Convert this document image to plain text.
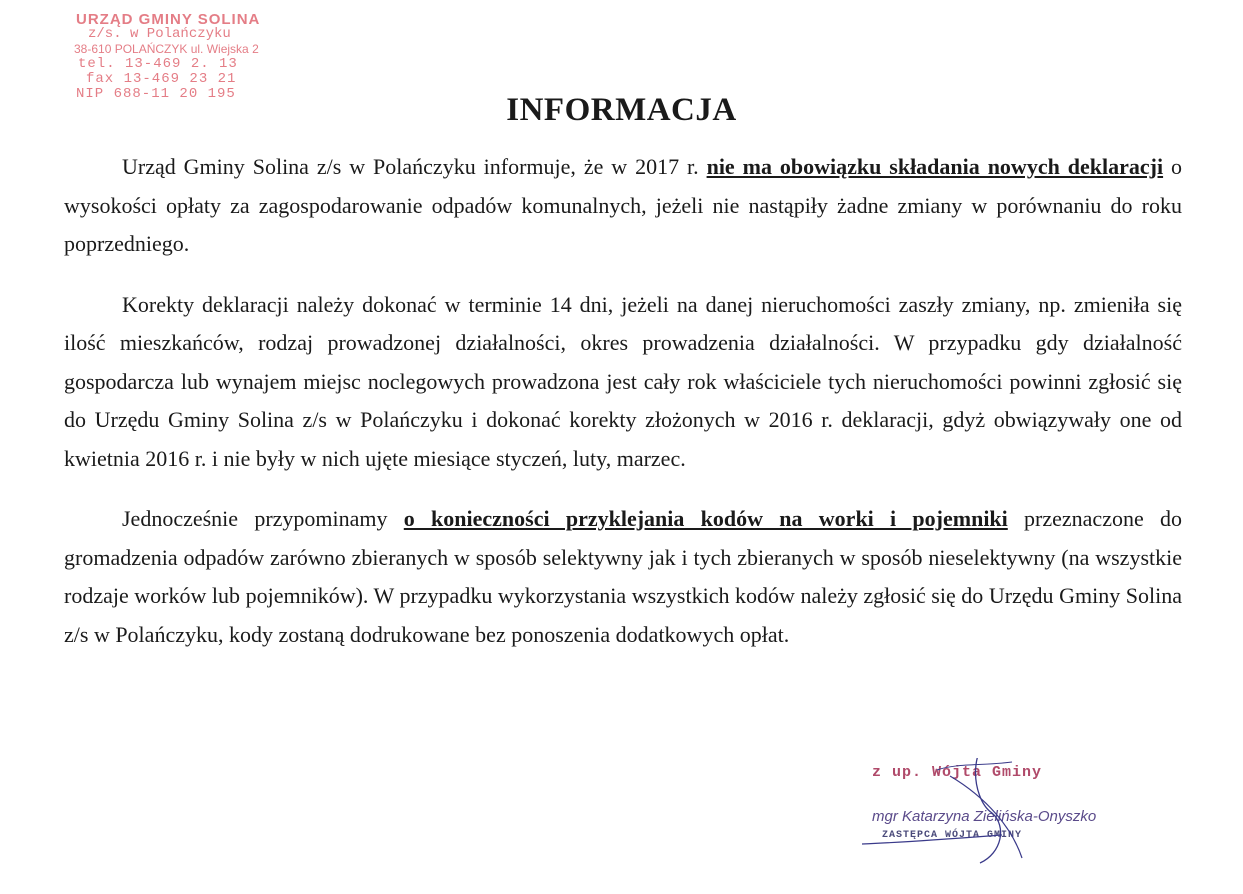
URZĄD GMINY SOLINA
z/s. w Polańczyku
38-610 POLAŃCZYK ul. Wiejska 2
tel. 13-469 2. 13
fax 13-469 23 21
NIP 688-11 20 195	INFORMACJA

Urząd Gminy Solina z/s w Polańczyku informuje, że w 2017 r. nie ma obowiązku składania nowych deklaracji o wysokości opłaty za zagospodarowanie odpadów komunalnych, jeżeli nie nastąpiły żadne zmiany w porównaniu do roku poprzedniego.

Korekty deklaracji należy dokonać w terminie 14 dni, jeżeli na danej nieruchomości zaszły zmiany, np. zmieniła się ilość mieszkańców, rodzaj prowadzonej działalności, okres prowadzenia działalności. W przypadku gdy działalność gospodarcza lub wynajem miejsc noclegowych prowadzona jest cały rok właściciele tych nieruchomości powinni zgłosić się do Urzędu Gminy Solina z/s w Polańczyku i dokonać korekty złożonych w 2016 r. deklaracji, gdyż obwiązywały one od kwietnia 2016 r. i nie były w nich ujęte miesiące styczeń, luty, marzec.

Jednocześnie przypominamy o konieczności przyklejania kodów na worki i pojemniki przeznaczone do gromadzenia odpadów zarówno zbieranych w sposób selektywny jak i tych zbieranych w sposób nieselektywny (na wszystkie rodzaje worków lub pojemników). W przypadku wykorzystania wszystkich kodów należy zgłosić się do Urzędu Gminy Solina z/s w Polańczyku, kody zostaną dodrukowane bez ponoszenia dodatkowych opłat.

z up. Wójta Gminy
mgr Katarzyna Zielińska-Onyszko
ZASTĘPCA WÓJTA GMINY
